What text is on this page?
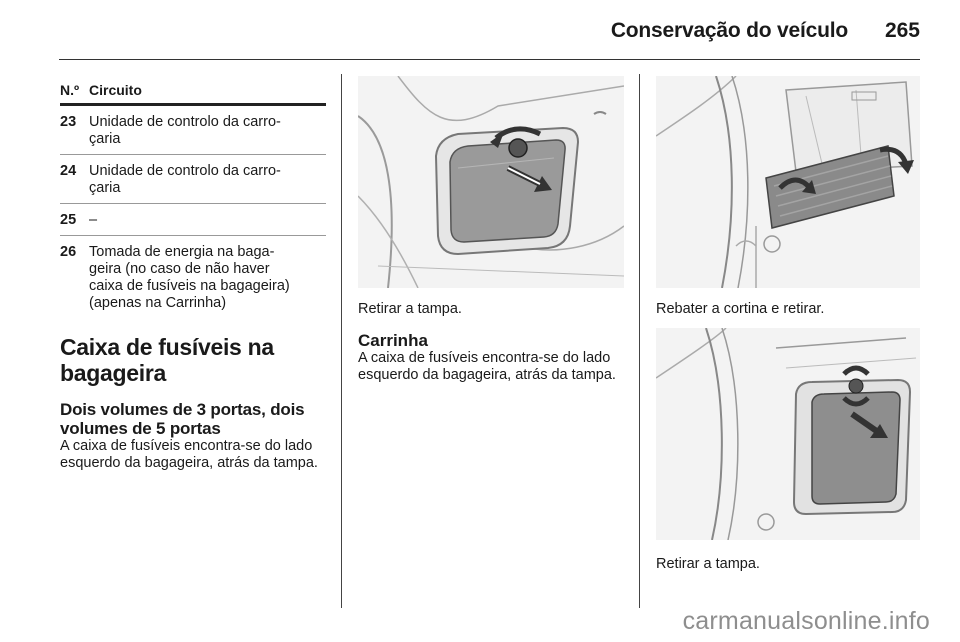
Conservação do veículo 265
N.º Circuito
23 Unidade de controlo da carro-
çaria
24 Unidade de controlo da carro-
çaria
25 –
26 Tomada de energia na baga-
geira (no caso de não haver
caixa de fusíveis na bagageira)
(apenas na Carrinha)
Caixa de fusíveis na bagageira
Dois volumes de 3 portas, dois volumes de 5 portas
A caixa de fusíveis encontra-se do lado esquerdo da bagageira, atrás da tampa.
Retirar a tampa.
Carrinha
A caixa de fusíveis encontra-se do lado esquerdo da bagageira, atrás da tampa.
Rebater a cortina e retirar.
Retirar a tampa.
carmanualsonline.info
